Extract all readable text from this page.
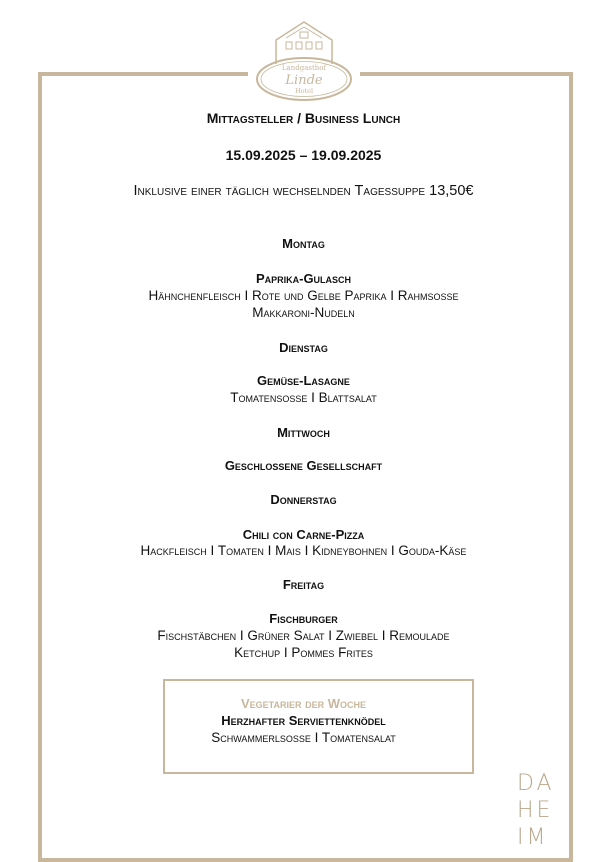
Landgasthof
Linde
Hotel
Mittagsteller / Business Lunch
15.09.2025 – 19.09.2025
Inklusive einer täglich wechselnden Tagessuppe 13,50€
Montag
Paprika-Gulasch
Hähnchenfleisch I Rote und Gelbe Paprika I Rahmsoße
Makkaroni-Nudeln
Dienstag
Gemüse-Lasagne
Tomatensoße I Blattsalat
Mittwoch
Geschlossene Gesellschaft
Donnerstag
Chili con Carne-Pizza
Hackfleisch I Tomaten I Mais I Kidneybohnen I Gouda-Käse
Freitag
Fischburger
Fischstäbchen I Grüner Salat I Zwiebel I Remoulade
Ketchup I Pommes Frites
Vegetarier der Woche
Herzhafter Serviettenknödel
Schwammerlsoße I Tomatensalat
DA
HE
IM
